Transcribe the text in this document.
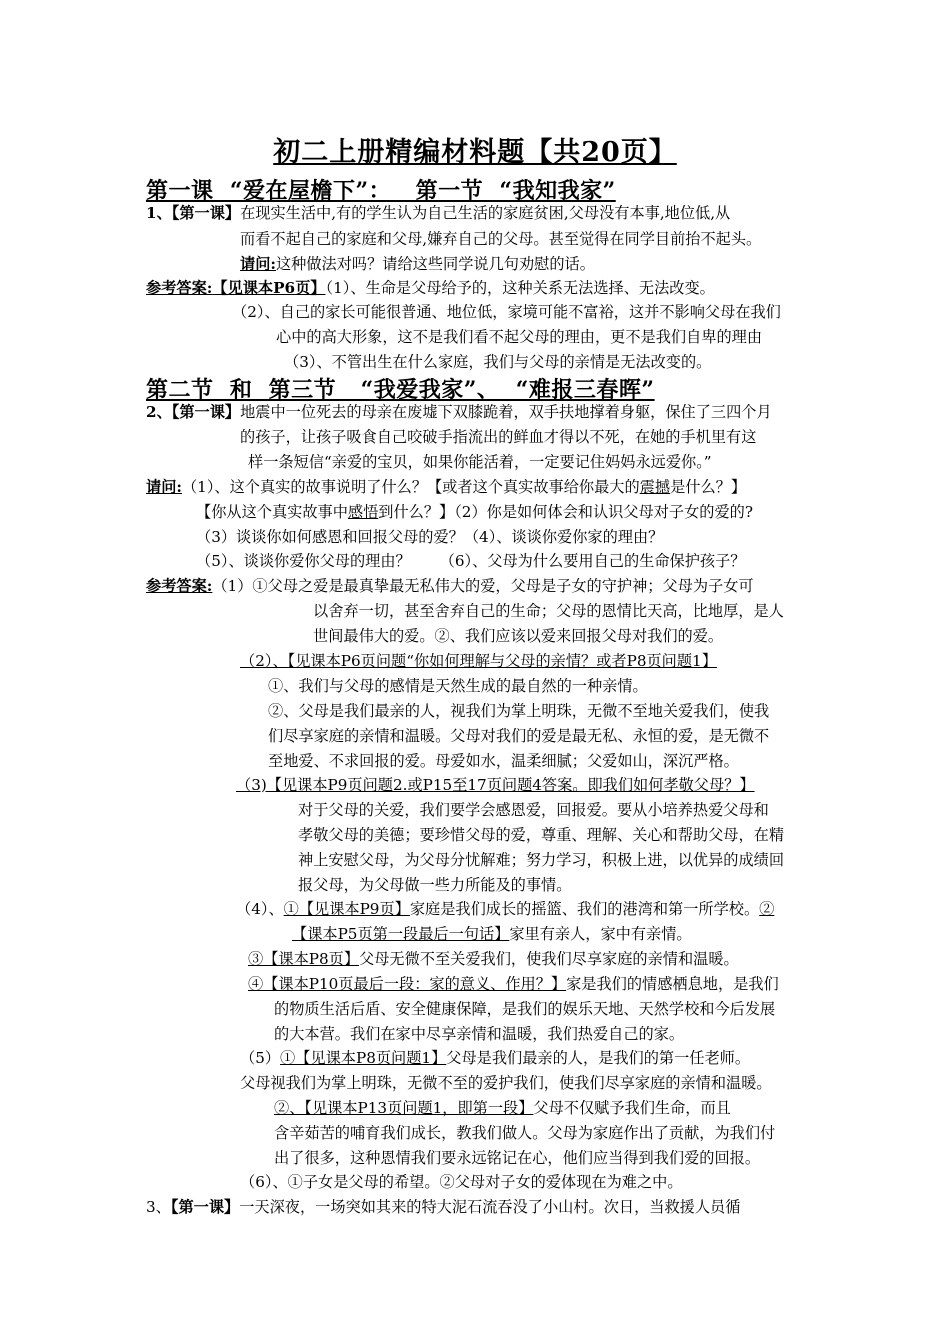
初二上册精编材料题【共20页】
第一课  “爱在屋檐下”：   第一节  “我知我家”
1、【第一课】在现实生活中,有的学生认为自己生活的家庭贫困,父母没有本事,地位低,从
而看不起自己的家庭和父母,嫌弃自己的父母。甚至觉得在同学目前抬不起头。
请问:这种做法对吗？请给这些同学说几句劝慰的话。
参考答案:【见课本P6页】（1）、生命是父母给予的，这种关系无法选择、无法改变。
（2）、自己的家长可能很普通、地位低，家境可能不富裕，这并不影响父母在我们
心中的高大形象，这不是我们看不起父母的理由，更不是我们自卑的理由
（3）、不管出生在什么家庭，我们与父母的亲情是无法改变的。
第二节  和  第三节   “我爱我家”、  “难报三春晖”
2、【第一课】地震中一位死去的母亲在废墟下双膝跪着，双手扶地撑着身躯，保住了三四个月
的孩子，让孩子吸食自己咬破手指流出的鲜血才得以不死，在她的手机里有这
样一条短信“亲爱的宝贝，如果你能活着，一定要记住妈妈永远爱你。”
请问:（1）、这个真实的故事说明了什么？【或者这个真实故事给你最大的震撼是什么？】
【你从这个真实故事中感悟到什么？】（2）你是如何体会和认识父母对子女的爱的?
（3）谈谈你如何感恩和回报父母的爱？（4）、谈谈你爱你家的理由？
（5）、谈谈你爱你父母的理由？      （6）、父母为什么要用自己的生命保护孩子？
参考答案:（1）①父母之爱是最真挚最无私伟大的爱，父母是子女的守护神；父母为子女可
以舍弃一切，甚至舍弃自己的生命；父母的恩情比天高，比地厚，是人
世间最伟大的爱。②、我们应该以爱来回报父母对我们的爱。
（2）、【见课本P6页问题“你如何理解与父母的亲情？或者P8页问题1】
①、我们与父母的感情是天然生成的最自然的一种亲情。
②、父母是我们最亲的人，视我们为掌上明珠，无微不至地关爱我们，使我
们尽享家庭的亲情和温暖。父母对我们的爱是最无私、永恒的爱，是无微不
至地爱、不求回报的爱。母爱如水，温柔细腻；父爱如山，深沉严格。
（3)【见课本P9页问题2.或P15至17页问题4答案。即我们如何孝敬父母？】
对于父母的关爱，我们要学会感恩爱，回报爱。要从小培养热爱父母和
孝敬父母的美德；要珍惜父母的爱，尊重、理解、关心和帮助父母，在精
神上安慰父母，为父母分忧解难；努力学习，积极上进，以优异的成绩回
报父母，为父母做一些力所能及的事情。
（4）、①【见课本P9页】家庭是我们成长的摇篮、我们的港湾和第一所学校。②
【课本P5页第一段最后一句话】家里有亲人，家中有亲情。
③【课本P8页】父母无微不至关爱我们，使我们尽享家庭的亲情和温暖。
④【课本P10页最后一段：家的意义、作用？】家是我们的情感栖息地，是我们
的物质生活后盾、安全健康保障，是我们的娱乐天地、天然学校和今后发展
的大本营。我们在家中尽享亲情和温暖，我们热爱自己的家。
（5）①【见课本P8页问题1】父母是我们最亲的人，是我们的第一任老师。
父母视我们为掌上明珠，无微不至的爱护我们，使我们尽享家庭的亲情和温暖。
②、【见课本P13页问题1，即第一段】父母不仅赋予我们生命，而且
含辛茹苦的哺育我们成长，教我们做人。父母为家庭作出了贡献，为我们付
出了很多，这种恩情我们要永远铭记在心，他们应当得到我们爱的回报。
（6）、①子女是父母的希望。②父母对子女的爱体现在为难之中。
3、【第一课】一天深夜，一场突如其来的特大泥石流吞没了小山村。次日，当救援人员循
